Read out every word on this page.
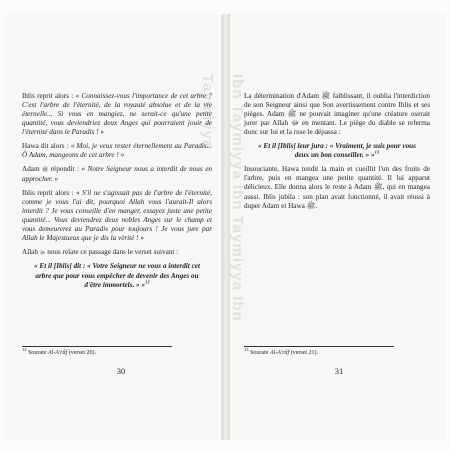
Iblis reprit alors : « Connaissez-vous l'importance de cet arbre ? C'est l'arbre de l'éternité, de la royauté absolue et de la vie éternelle... Si vous en mangiez, ne serait-ce qu'une petite quantité, vous deviendriez deux Anges qui pourraient jouir de l'éternité dans le Paradis ! »

Hawa dit alors : « Moi, je veux rester éternellement au Paradis... Ô Adam, mangeons de cet arbre ! »

Adam ﷺ répondit : « Notre Seigneur nous a interdit de nous en approcher. »

Iblis reprit alors : « S'il ne s'agissait pas de l'arbre de l'éternité, comme je vous l'ai dit, pourquoi Allah vous l'aurait-Il alors interdit ? Je vous conseille d'en manger, essayez juste une petite quantité... Vous deviendrez deux nobles Anges sur le champ et vous demeurerez au Paradis pour toujours ! Je vous jure par Allah le Majestueux que je dis la vérité ! »

Allah ﷻ nous relate ce passage dans le verset suivant :

« Et il [Iblis] dit : « Votre Seigneur ne vous a interdit cet arbre que pour vous empêcher de devenir des Anges ou d'être immortels. » »$^{12}$

$^{12}$ Sourate Al-A'râf (verset 20).
30
Ibn Taymiyya Ibn Taymiyya Ibn Taymiyya	La détermination d'Adam ﷺ faiblissant, il oublia l'interdiction de son Seigneur ainsi que Son avertissement contre Iblis et ses pièges. Adam ﷺ ne pouvait imaginer qu'une créature oserait jurer par Allah ﷻ en mentant. Le piège du diable se referma donc sur lui et la ruse le dépassa :

« Et il [Iblis] leur jura : « Vraiment, je suis pour vous deux un bon conseiller. » »$^{13}$

Insouciante, Hawa tendit la main et cueillit l'un des fruits de l'arbre, puis en mangea une petite quantité. Il lui apparut délicieux. Elle donna alors le reste à Adam ﷺ, qui en mangea aussi. Iblis jubila : son plan avait fonctionné, il avait réussi à duper Adam et Hawa ﷺ.

$^{13}$ Sourate Al-A'râf (verset 21).
31
